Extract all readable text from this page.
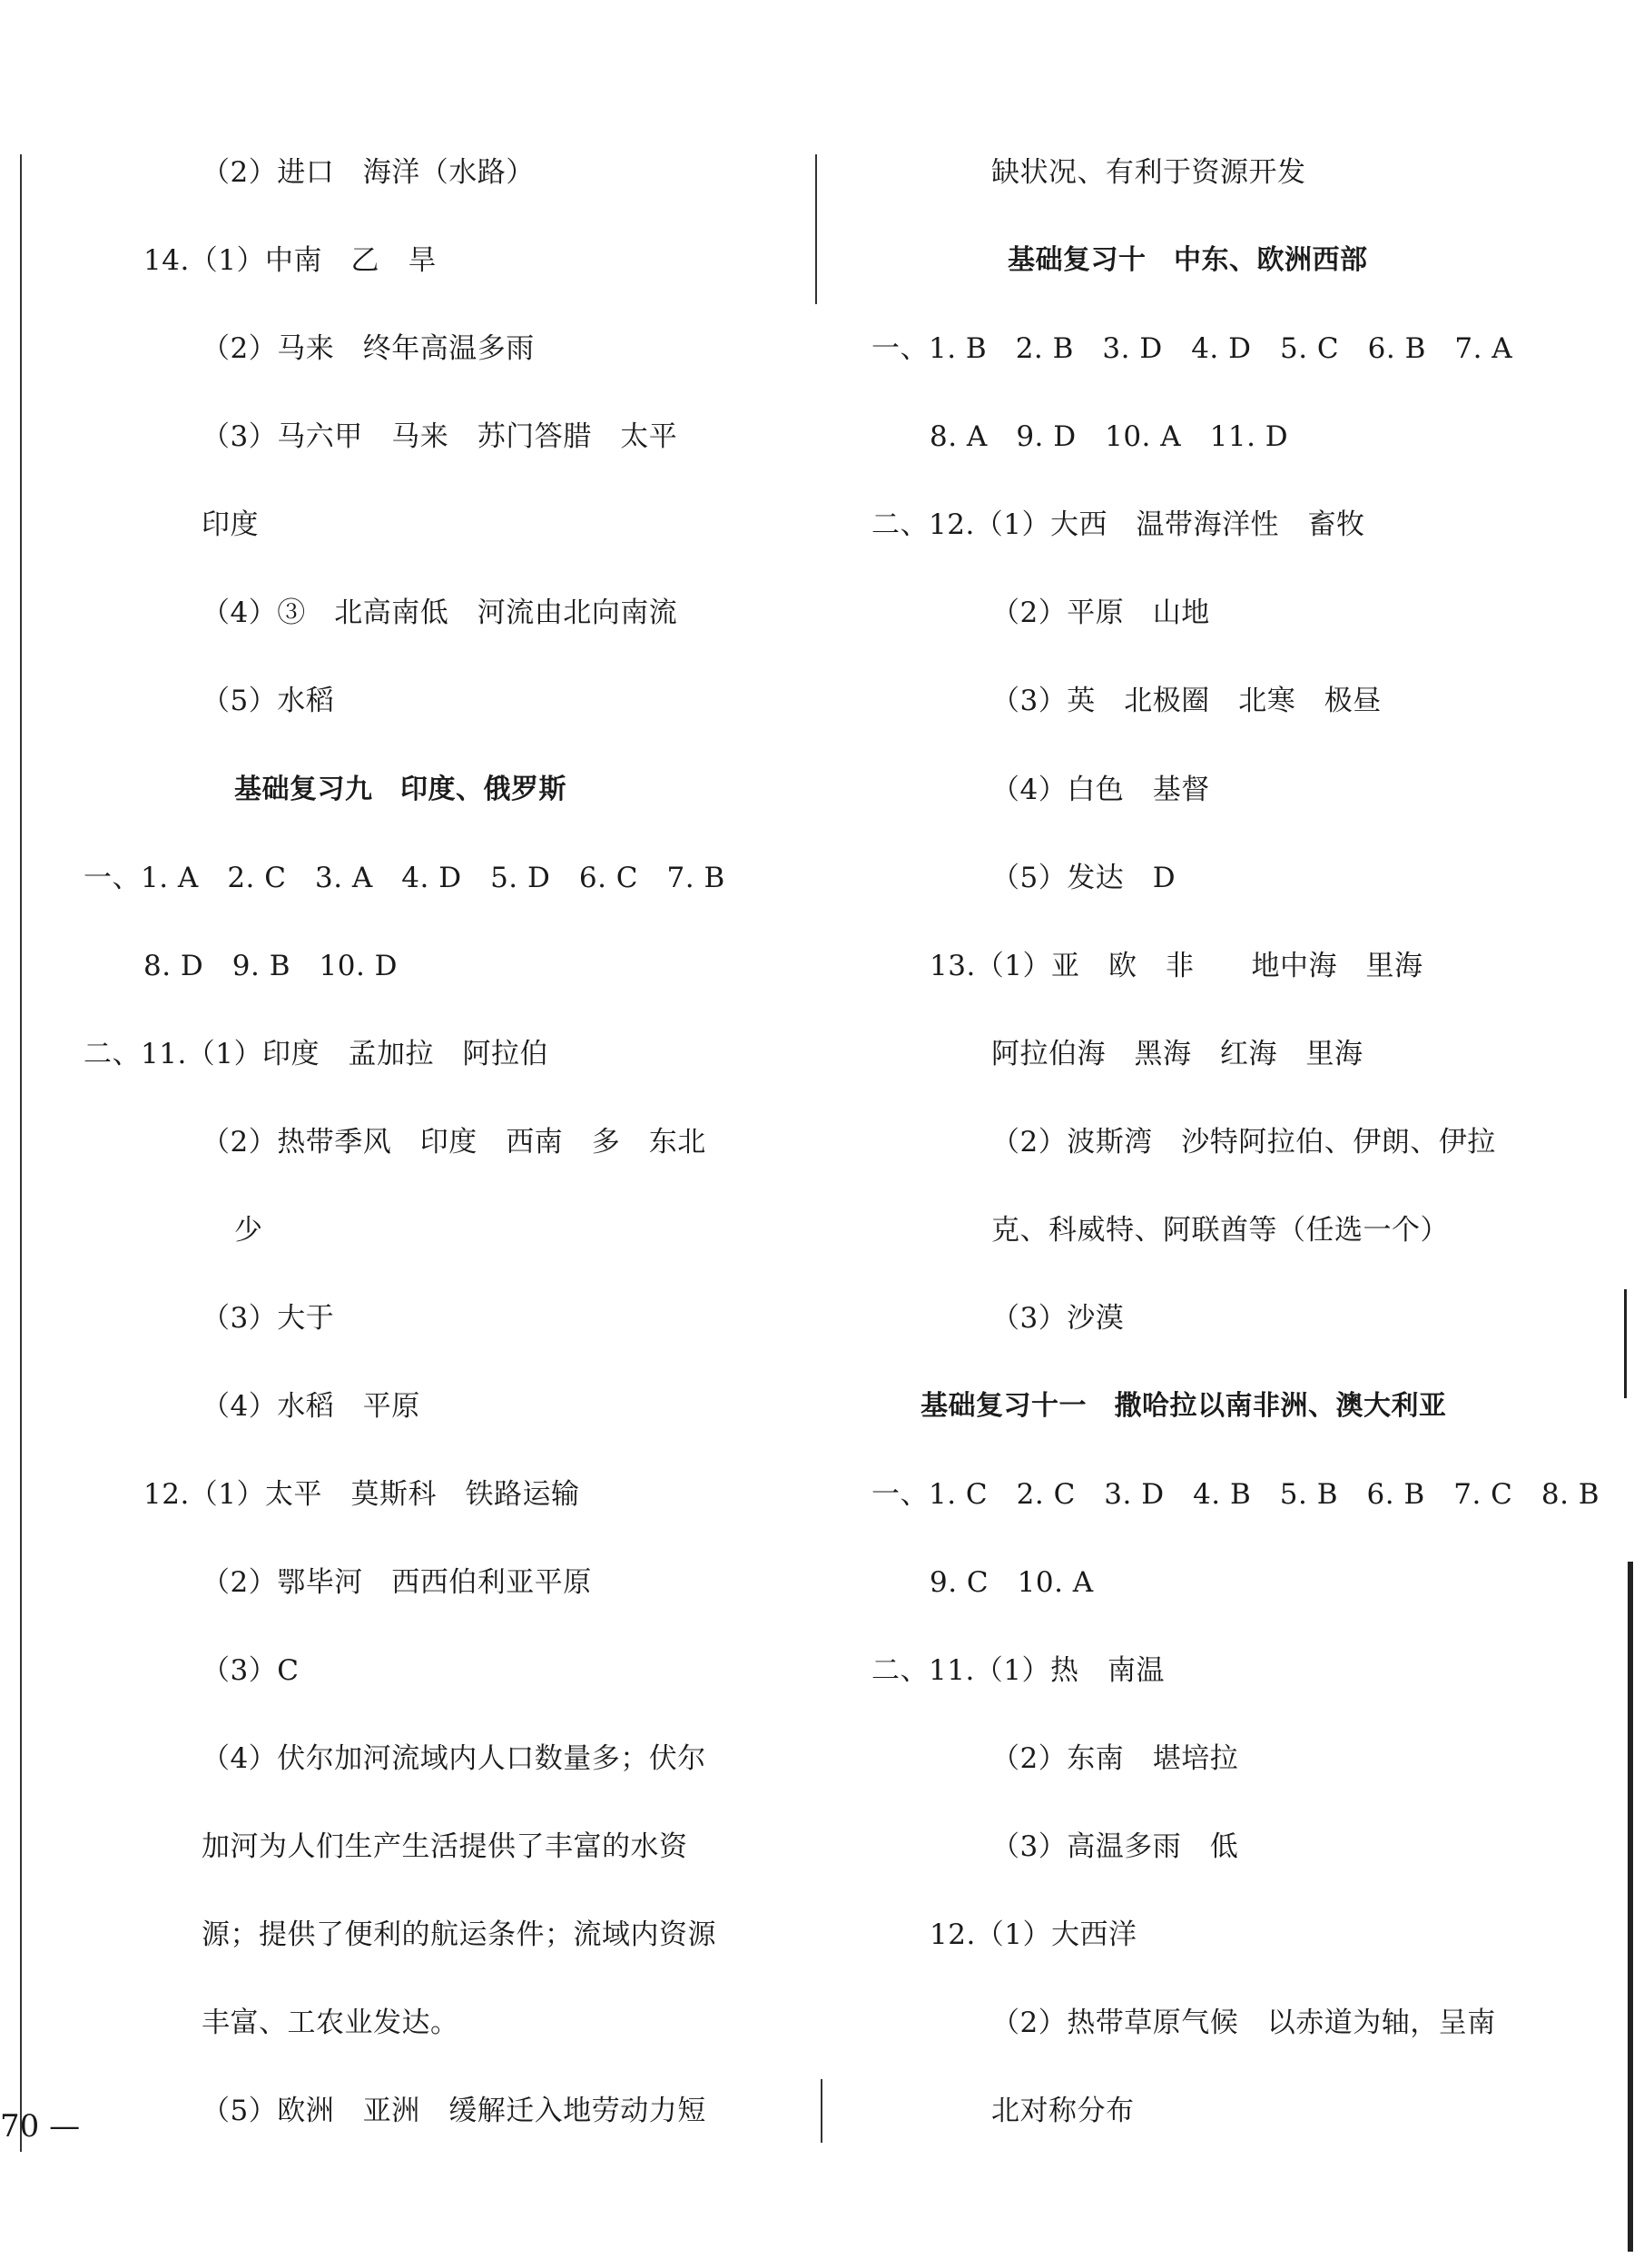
（2）进口　海洋（水路）
14.（1）中南　乙　旱
（2）马来　终年高温多雨
（3）马六甲　马来　苏门答腊　太平
印度
（4）③　北高南低　河流由北向南流
（5）水稻
基础复习九　印度、俄罗斯
一、1. A　2. C　3. A　4. D　5. D　6. C　7. B
8. D　9. B　10. D
二、11.（1）印度　孟加拉　阿拉伯
（2）热带季风　印度　西南　多　东北
少
（3）大于
（4）水稻　平原
12.（1）太平　莫斯科　铁路运输
（2）鄂毕河　西西伯利亚平原
（3）C
（4）伏尔加河流域内人口数量多；伏尔
加河为人们生产生活提供了丰富的水资
源；提供了便利的航运条件；流域内资源
丰富、工农业发达。
（5）欧洲　亚洲　缓解迁入地劳动力短
缺状况、有利于资源开发
基础复习十　中东、欧洲西部
一、1. B　2. B　3. D　4. D　5. C　6. B　7. A
8. A　9. D　10. A　11. D
二、12.（1）大西　温带海洋性　畜牧
（2）平原　山地
（3）英　北极圈　北寒　极昼
（4）白色　基督
（5）发达　D
13.（1）亚　欧　非　　地中海　里海
阿拉伯海　黑海　红海　里海
（2）波斯湾　沙特阿拉伯、伊朗、伊拉
克、科威特、阿联酋等（任选一个）
（3）沙漠
基础复习十一　撒哈拉以南非洲、澳大利亚
一、1. C　2. C　3. D　4. B　5. B　6. B　7. C　8. B
9. C　10. A
二、11.（1）热　南温
（2）东南　堪培拉
（3）高温多雨　低
12.（1）大西洋
（2）热带草原气候　以赤道为轴，呈南
北对称分布
70 —
